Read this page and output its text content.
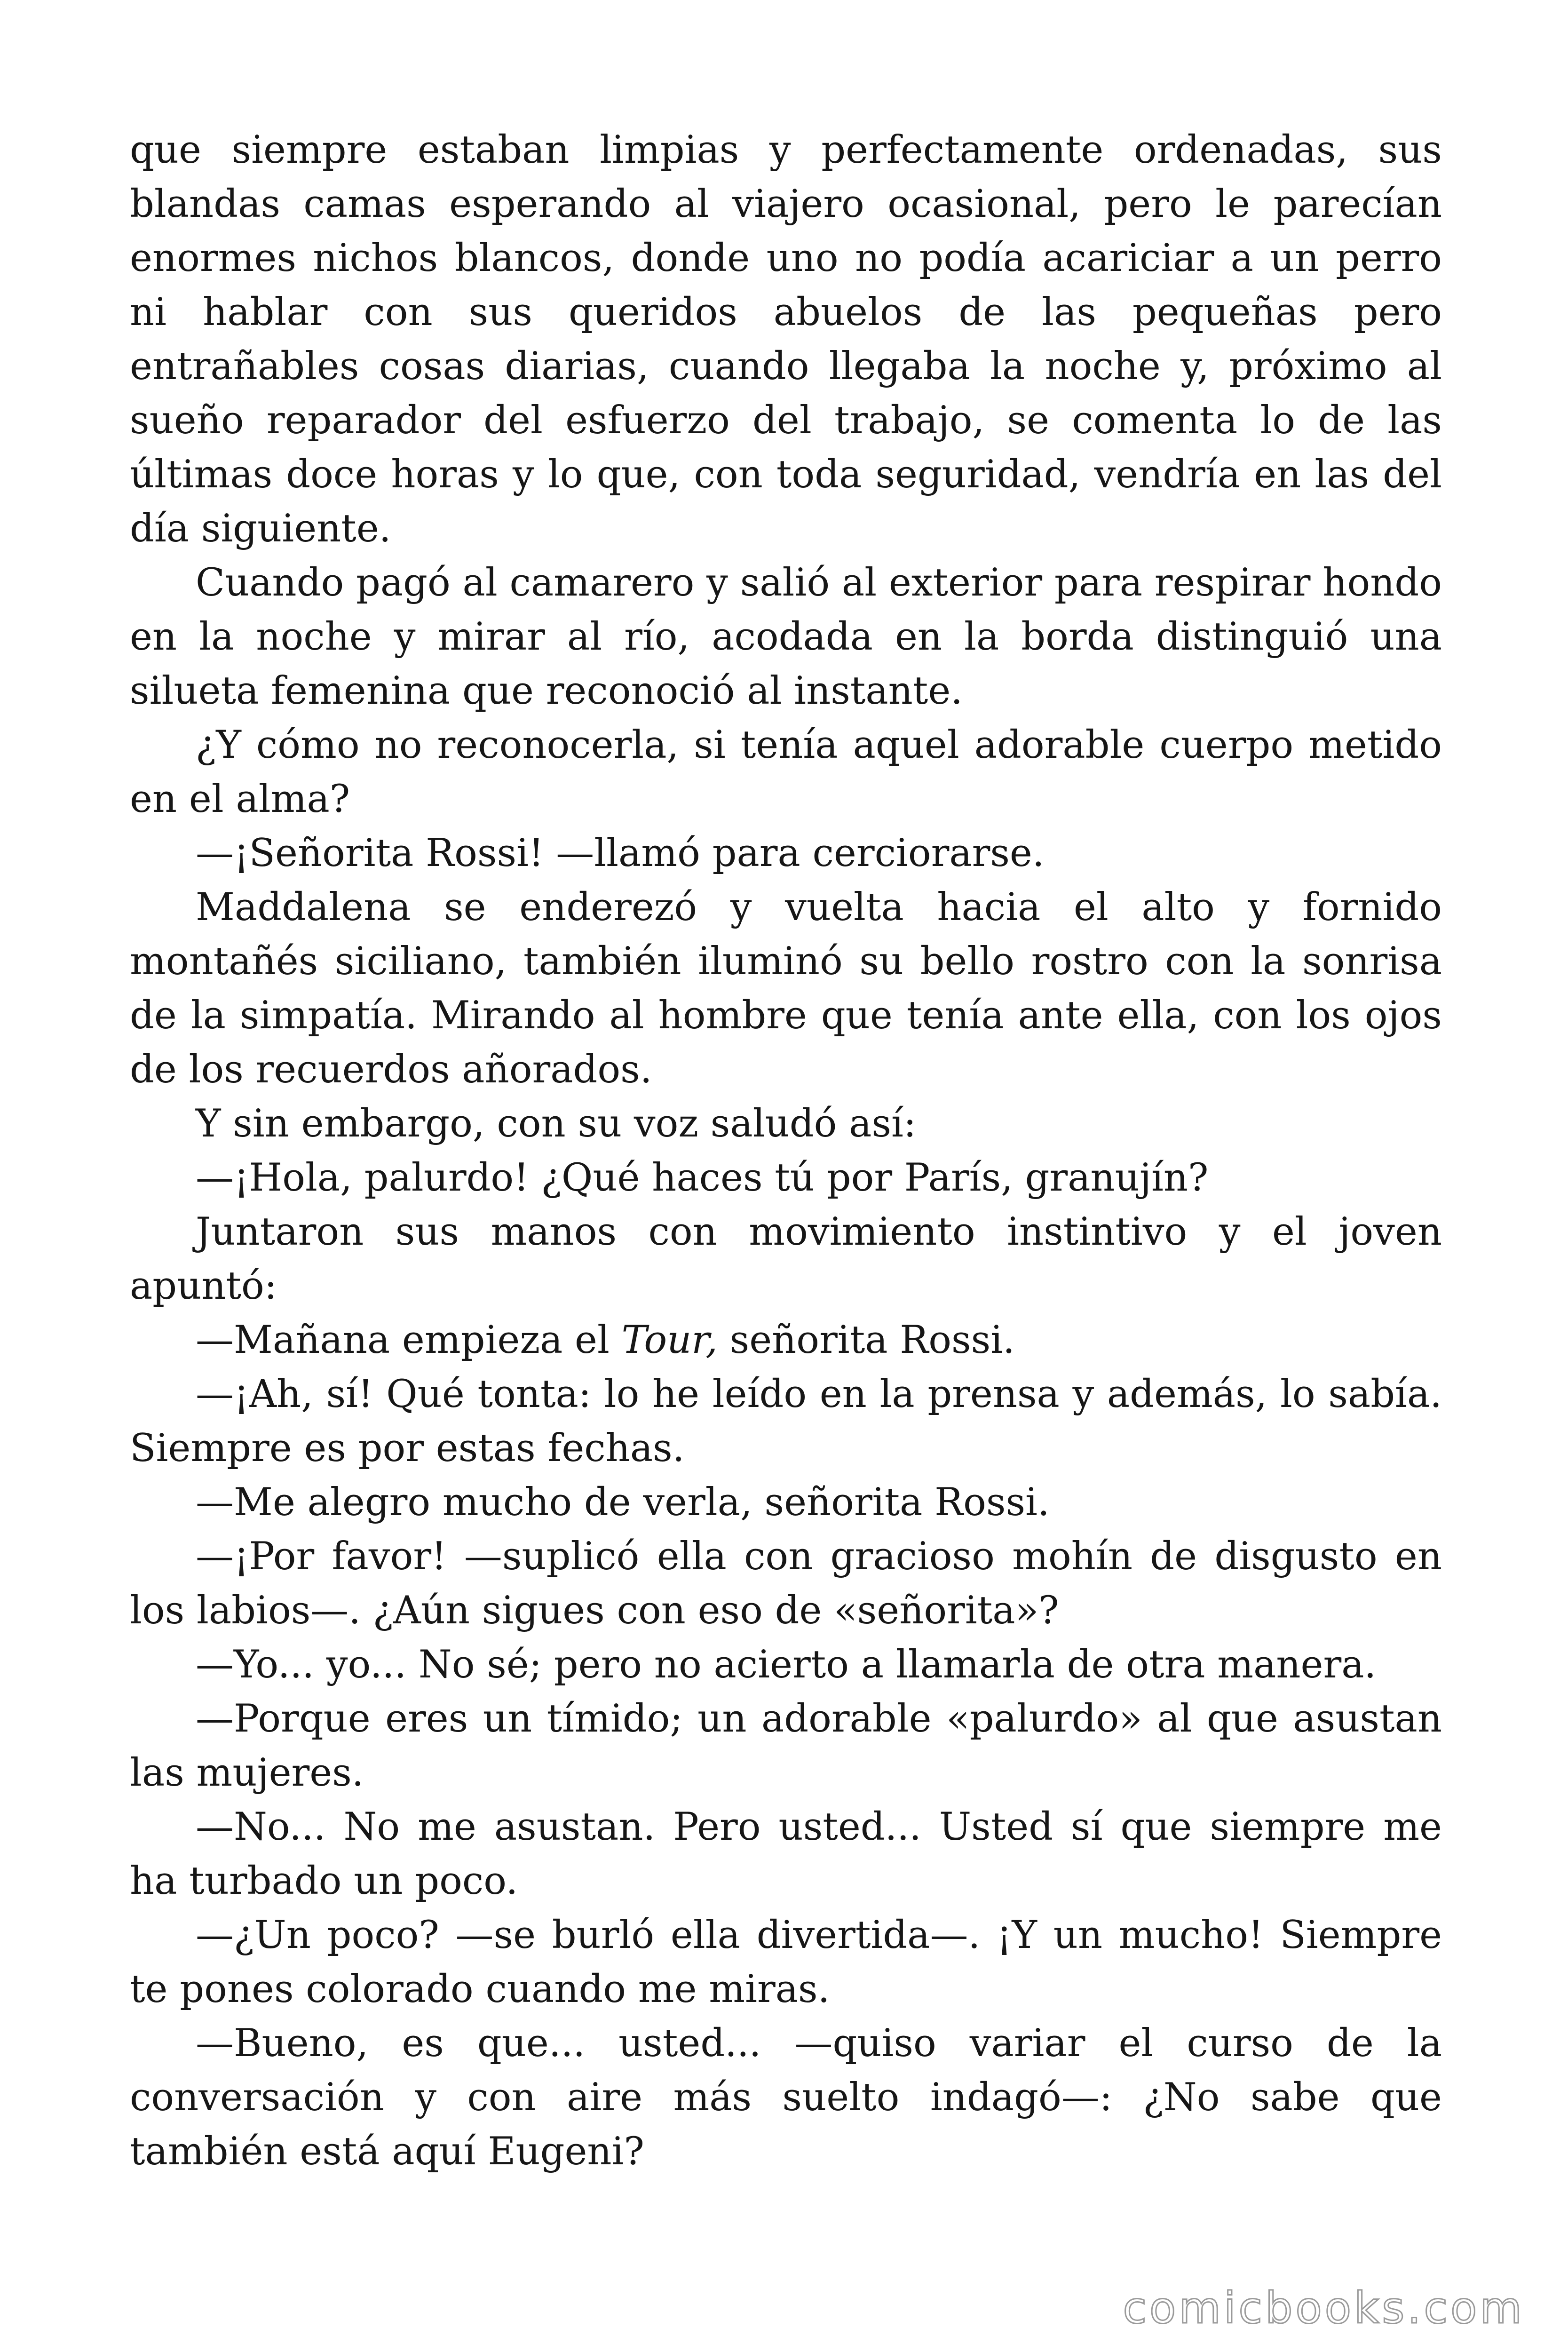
que siempre estaban limpias y perfectamente ordenadas, sus blandas camas esperando al viajero ocasional, pero le parecían enormes nichos blancos, donde uno no podía acariciar a un perro ni hablar con sus queridos abuelos de las pequeñas pero entrañables cosas diarias, cuando llegaba la noche y, próximo al sueño reparador del esfuerzo del trabajo, se comenta lo de las últimas doce horas y lo que, con toda seguridad, vendría en las del día siguiente.

Cuando pagó al camarero y salió al exterior para respirar hondo en la noche y mirar al río, acodada en la borda distinguió una silueta femenina que reconoció al instante.

¿Y cómo no reconocerla, si tenía aquel adorable cuerpo metido en el alma?

—¡Señorita Rossi! —llamó para cerciorarse.

Maddalena se enderezó y vuelta hacia el alto y fornido montañés siciliano, también iluminó su bello rostro con la sonrisa de la simpatía. Mirando al hombre que tenía ante ella, con los ojos de los recuerdos añorados.

Y sin embargo, con su voz saludó así:

—¡Hola, palurdo! ¿Qué haces tú por París, granujín?

Juntaron sus manos con movimiento instintivo y el joven apuntó:

—Mañana empieza el Tour, señorita Rossi.

—¡Ah, sí! Qué tonta: lo he leído en la prensa y además, lo sabía. Siempre es por estas fechas.

—Me alegro mucho de verla, señorita Rossi.

—¡Por favor! —suplicó ella con gracioso mohín de disgusto en los labios—. ¿Aún sigues con eso de «señorita»?

—Yo... yo... No sé; pero no acierto a llamarla de otra manera.

—Porque eres un tímido; un adorable «palurdo» al que asustan las mujeres.

—No... No me asustan. Pero usted... Usted sí que siempre me ha turbado un poco.

—¿Un poco? —se burló ella divertida—. ¡Y un mucho! Siempre te pones colorado cuando me miras.

—Bueno, es que... usted... —quiso variar el curso de la conversación y con aire más suelto indagó—: ¿No sabe que también está aquí Eugeni?

comicbooks.com
